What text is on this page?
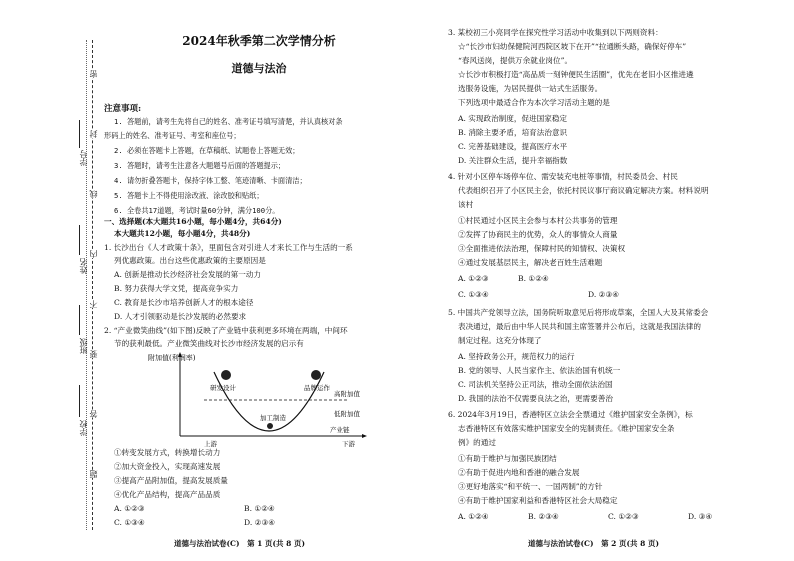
学号
姓名
班级
学校
密
封
线
内
不
要
答
题
2024年秋季第二次学情分析
道德与法治
注意事项:
1. 答题前，请考生先将自己的姓名、准考证号填写清楚，并认真核对条
形码上的姓名、准考证号、考室和座位号；
2. 必须在答题卡上答题，在草稿纸、试题卷上答题无效；
3. 答题时，请考生注意各大题题号后面的答题提示；
4. 请勿折叠答题卡，保持字体工整、笔迹清晰、卡面清洁；
5. 答题卡上不得使用涂改液、涂改胶和贴纸；
6. 全卷共17道题，考试时量60分钟，满分100分。
一、选择题(本大题共16小题，每小题4分，共64分)
本大题共12小题，每小题4分，共48分)
1. 长沙出台《人才政策十条》，里面包含对引进人才来长工作与生活的一系
列优惠政策。出台这些优惠政策的主要原因是
A. 创新是推动长沙经济社会发展的第一动力
B. 努力获得大学文凭，提高竞争实力
C. 教育是长沙市培养创新人才的根本途径
D. 人才引领驱动是长沙发展的必然要求
2. “产业微笑曲线”(如下图)反映了产业链中获利更多环境在两端，中间环
节的获利最低。产业微笑曲线对长沙市经济发展的启示有
附加值(利润率)
研发设计	品牌运作
加工制造
高附加值
低附加值
产业链
上游	下游
①转变发展方式，转换增长动力
②加大资金投入，实现高速发展
③提高产品附加值，提高发展质量
④优化产品结构，提高产品品质
A. ①②③	B. ①②④
C. ①③④	D. ②③④
道德与法治试卷(C)　第 1 页(共 8 页)
3. 某校初三小亮同学在探究性学习活动中收集到以下两则资料：
☆“长沙市妇幼保健院河西院区坡下在开”“拉通断头路，确保好停车”
“春风送岗，提供万余就业岗位”。
☆长沙市积极打造“高品质一刻钟便民生活圈”，优先在老旧小区推进遴
选服务设施，为居民提供一站式生活服务。
下列选项中最适合作为本次学习活动主题的是
A. 实现政治制度，促进国家稳定
B. 消除主要矛盾，培育法治意识
C. 完善基础建设，提高医疗水平
D. 关注群众生活，提升幸福指数
4. 针对小区停车场停车位、需安装充电桩等事情，村民委员会、村民
代表组织召开了小区民主会，依托村民议事厅商议确定解决方案。材料说明
该村
①村民通过小区民主会参与本村公共事务的管理
②发挥了协商民主的优势，众人的事情众人商量
③全面推进依法治理，保障村民的知情权、决策权
④通过发展基层民主，解决老百姓生活难题
A. ①②③	B. ①②④
C. ①③④	D. ②③④
5. 中国共产党领导立法，国务院听取意见后将形成草案，全国人大及其常委会
表决通过，最后由中华人民共和国主席签署并公布后，这就是我国法律的
制定过程。这充分体现了
A. 坚持政务公开，规范权力的运行
B. 党的领导、人民当家作主、依法治国有机统一
C. 司法机关坚持公正司法，推动全面依法治国
D. 我国的法治不仅需要良法之治，更需要善治
6. 2024年3月19日，香港特区立法会全票通过《维护国家安全条例》，标
志香港特区有效落实维护国家安全的宪制责任。《维护国家安全条
例》的通过
①有助于维护与加强民族团结
②有助于促进内地和香港的融合发展
③更好地落实“和平统一、一国两制”的方针
④有助于维护国家利益和香港特区社会大局稳定
A. ①②④	B. ②③④	C. ①②③	D. ③④
道德与法治试卷(C)　第 2 页(共 8 页)
